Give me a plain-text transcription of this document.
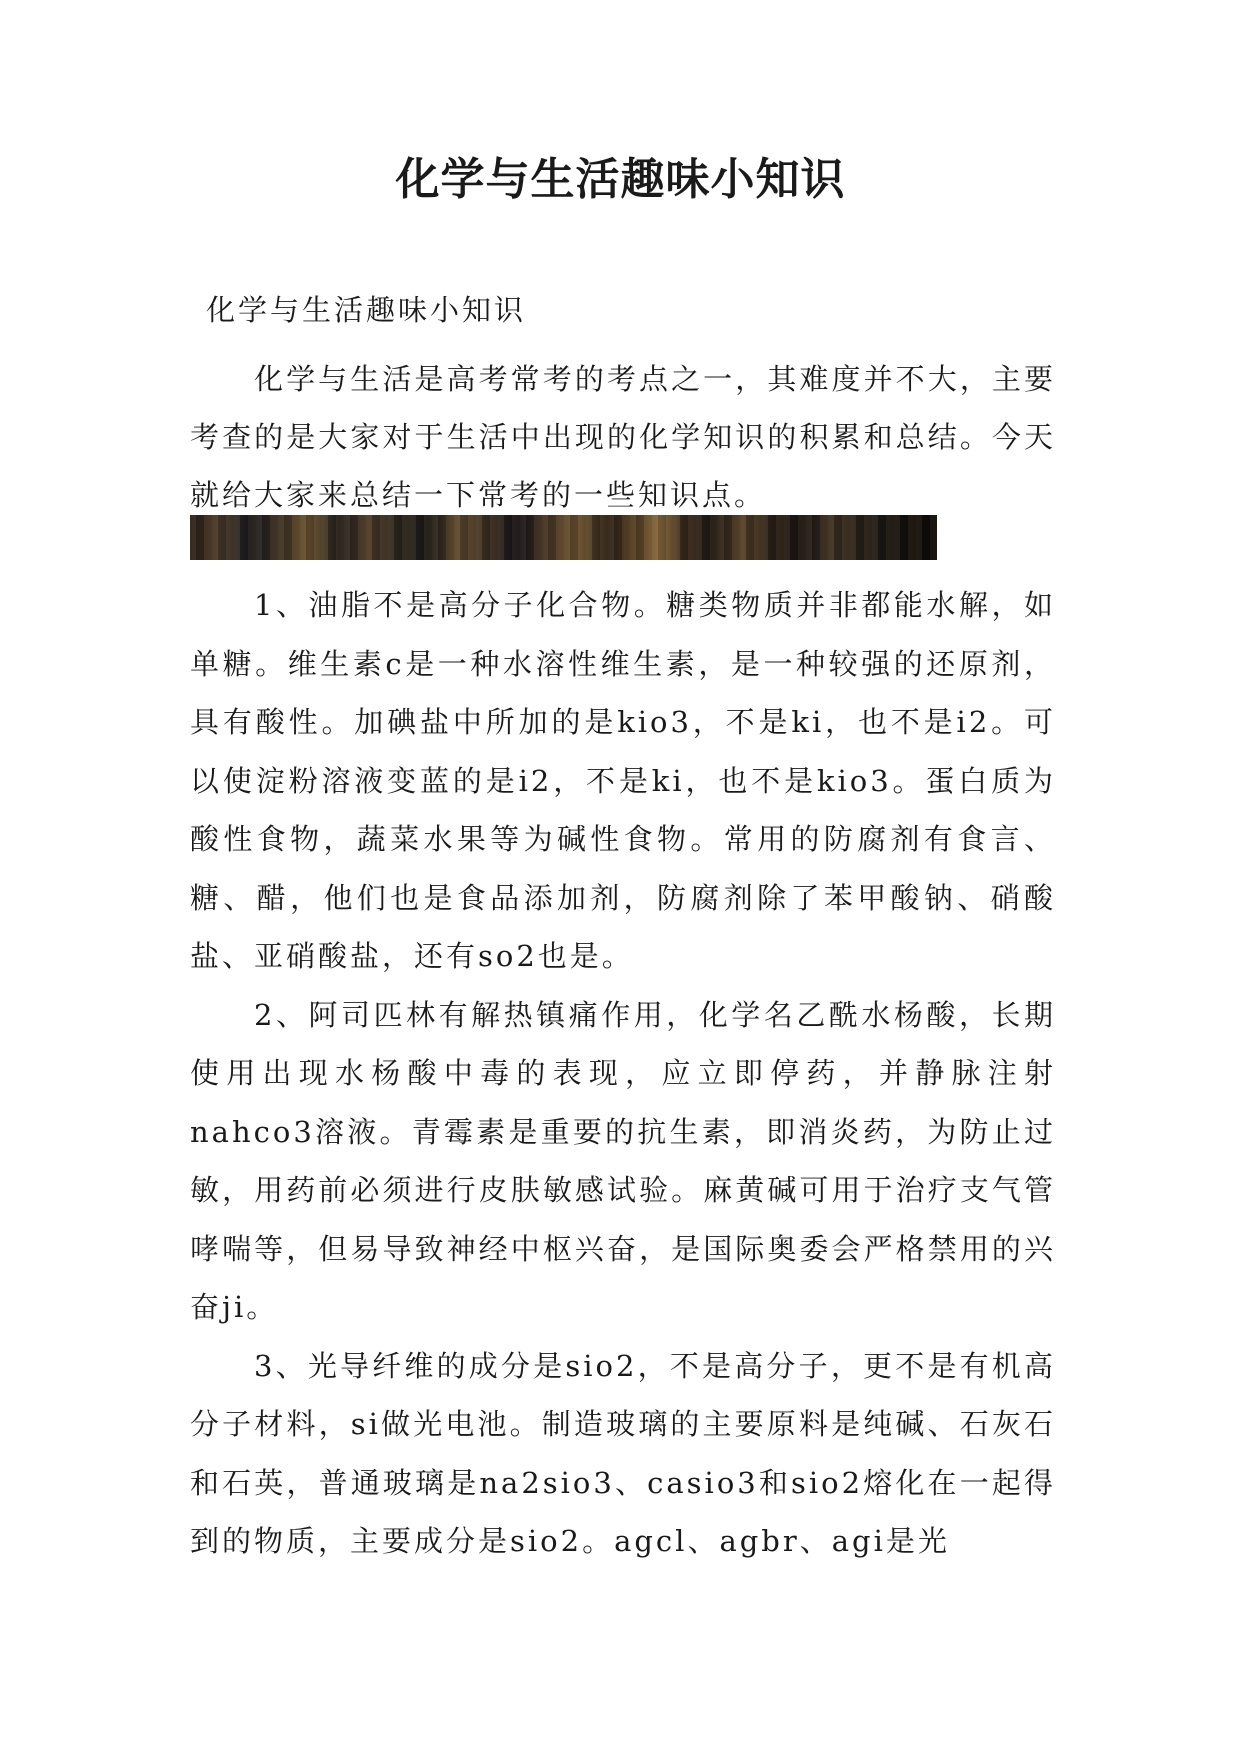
化学与生活趣味小知识

化学与生活趣味小知识

化学与生活是高考常考的考点之一，其难度并不大，主要考查的是大家对于生活中出现的化学知识的积累和总结。今天就给大家来总结一下常考的一些知识点。

1、油脂不是高分子化合物。糖类物质并非都能水解，如单糖。维生素c是一种水溶性维生素，是一种较强的还原剂，具有酸性。加碘盐中所加的是kio3，不是ki，也不是i2。可以使淀粉溶液变蓝的是i2，不是ki，也不是kio3。蛋白质为酸性食物，蔬菜水果等为碱性食物。常用的防腐剂有食言、糖、醋，他们也是食品添加剂，防腐剂除了苯甲酸钠、硝酸盐、亚硝酸盐，还有so2也是。

2、阿司匹林有解热镇痛作用，化学名乙酰水杨酸，长期使用出现水杨酸中毒的表现，应立即停药，并静脉注射nahco3溶液。青霉素是重要的抗生素，即消炎药，为防止过敏，用药前必须进行皮肤敏感试验。麻黄碱可用于治疗支气管哮喘等，但易导致神经中枢兴奋，是国际奥委会严格禁用的兴奋ji。

3、光导纤维的成分是sio2，不是高分子，更不是有机高分子材料，si做光电池。制造玻璃的主要原料是纯碱、石灰石和石英，普通玻璃是na2sio3、casio3和sio2熔化在一起得到的物质，主要成分是sio2。agcl、agbr、agi是光
